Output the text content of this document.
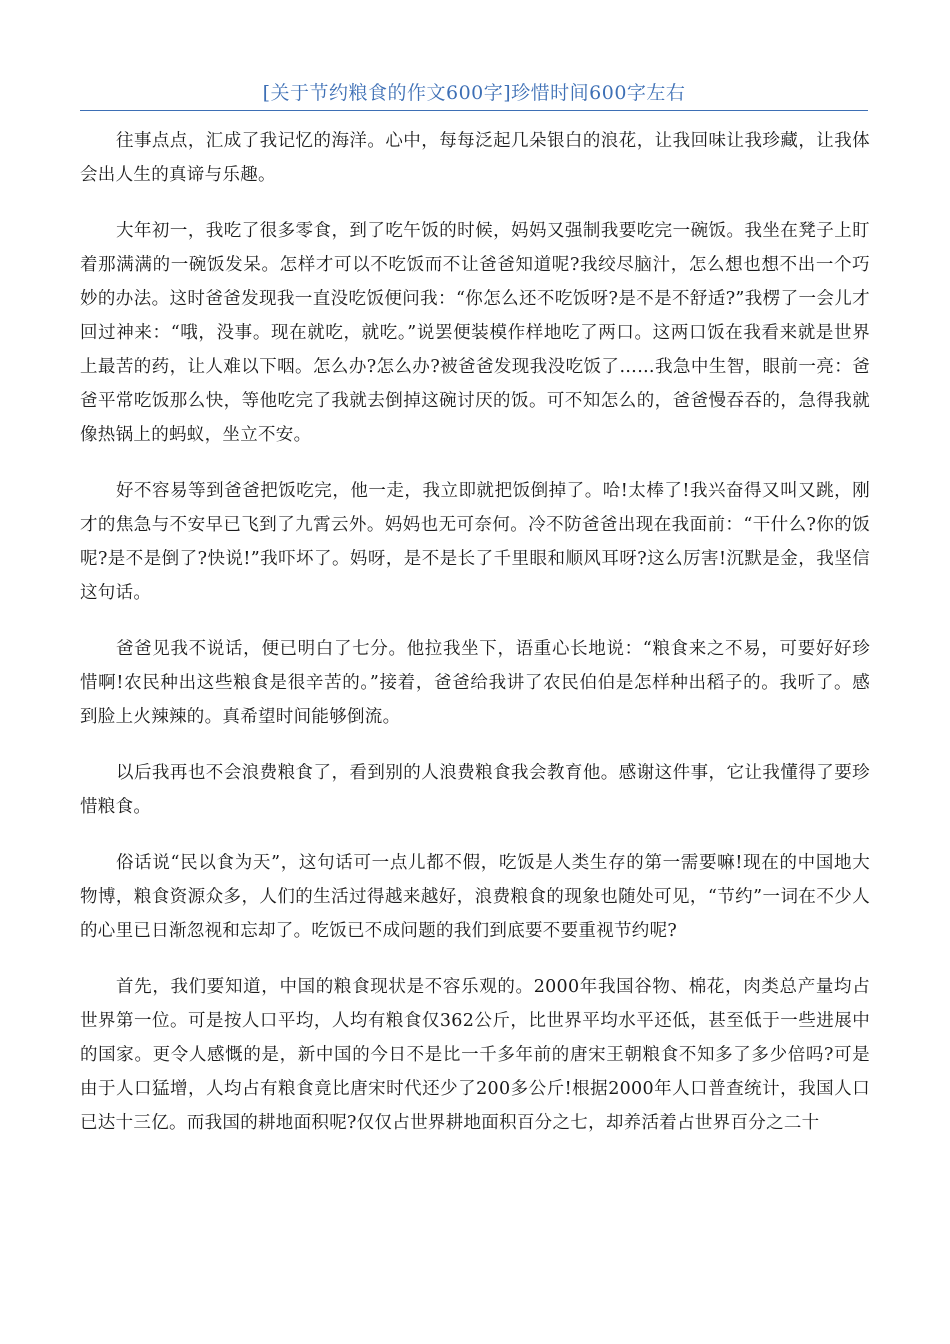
[关于节约粮食的作文600字]珍惜时间600字左右

往事点点，汇成了我记忆的海洋。心中，每每泛起几朵银白的浪花，让我回味让我珍藏，让我体会出人生的真谛与乐趣。

大年初一，我吃了很多零食，到了吃午饭的时候，妈妈又强制我要吃完一碗饭。我坐在凳子上盯着那满满的一碗饭发呆。怎样才可以不吃饭而不让爸爸知道呢?我绞尽脑汁，怎么想也想不出一个巧妙的办法。这时爸爸发现我一直没吃饭便问我：“你怎么还不吃饭呀?是不是不舒适?”我楞了一会儿才回过神来：“哦，没事。现在就吃，就吃。”说罢便装模作样地吃了两口。这两口饭在我看来就是世界上最苦的药，让人难以下咽。怎么办?怎么办?被爸爸发现我没吃饭了……我急中生智，眼前一亮：爸爸平常吃饭那么快，等他吃完了我就去倒掉这碗讨厌的饭。可不知怎么的，爸爸慢吞吞的，急得我就像热锅上的蚂蚁，坐立不安。

好不容易等到爸爸把饭吃完，他一走，我立即就把饭倒掉了。哈!太棒了!我兴奋得又叫又跳，刚才的焦急与不安早已飞到了九霄云外。妈妈也无可奈何。冷不防爸爸出现在我面前：“干什么?你的饭呢?是不是倒了?快说!”我吓坏了。妈呀，是不是长了千里眼和顺风耳呀?这么厉害!沉默是金，我坚信这句话。

爸爸见我不说话，便已明白了七分。他拉我坐下，语重心长地说：“粮食来之不易，可要好好珍惜啊!农民种出这些粮食是很辛苦的。”接着，爸爸给我讲了农民伯伯是怎样种出稻子的。我听了。感到脸上火辣辣的。真希望时间能够倒流。

以后我再也不会浪费粮食了，看到别的人浪费粮食我会教育他。感谢这件事，它让我懂得了要珍惜粮食。

俗话说“民以食为天”，这句话可一点儿都不假，吃饭是人类生存的第一需要嘛!现在的中国地大物博，粮食资源众多，人们的生活过得越来越好，浪费粮食的现象也随处可见，“节约”一词在不少人的心里已日渐忽视和忘却了。吃饭已不成问题的我们到底要不要重视节约呢?

首先，我们要知道，中国的粮食现状是不容乐观的。2000年我国谷物、棉花，肉类总产量均占世界第一位。可是按人口平均，人均有粮食仅362公斤，比世界平均水平还低，甚至低于一些进展中的国家。更令人感慨的是，新中国的今日不是比一千多年前的唐宋王朝粮食不知多了多少倍吗?可是由于人口猛增，人均占有粮食竟比唐宋时代还少了200多公斤!根据2000年人口普查统计，我国人口已达十三亿。而我国的耕地面积呢?仅仅占世界耕地面积百分之七，却养活着占世界百分之二十
